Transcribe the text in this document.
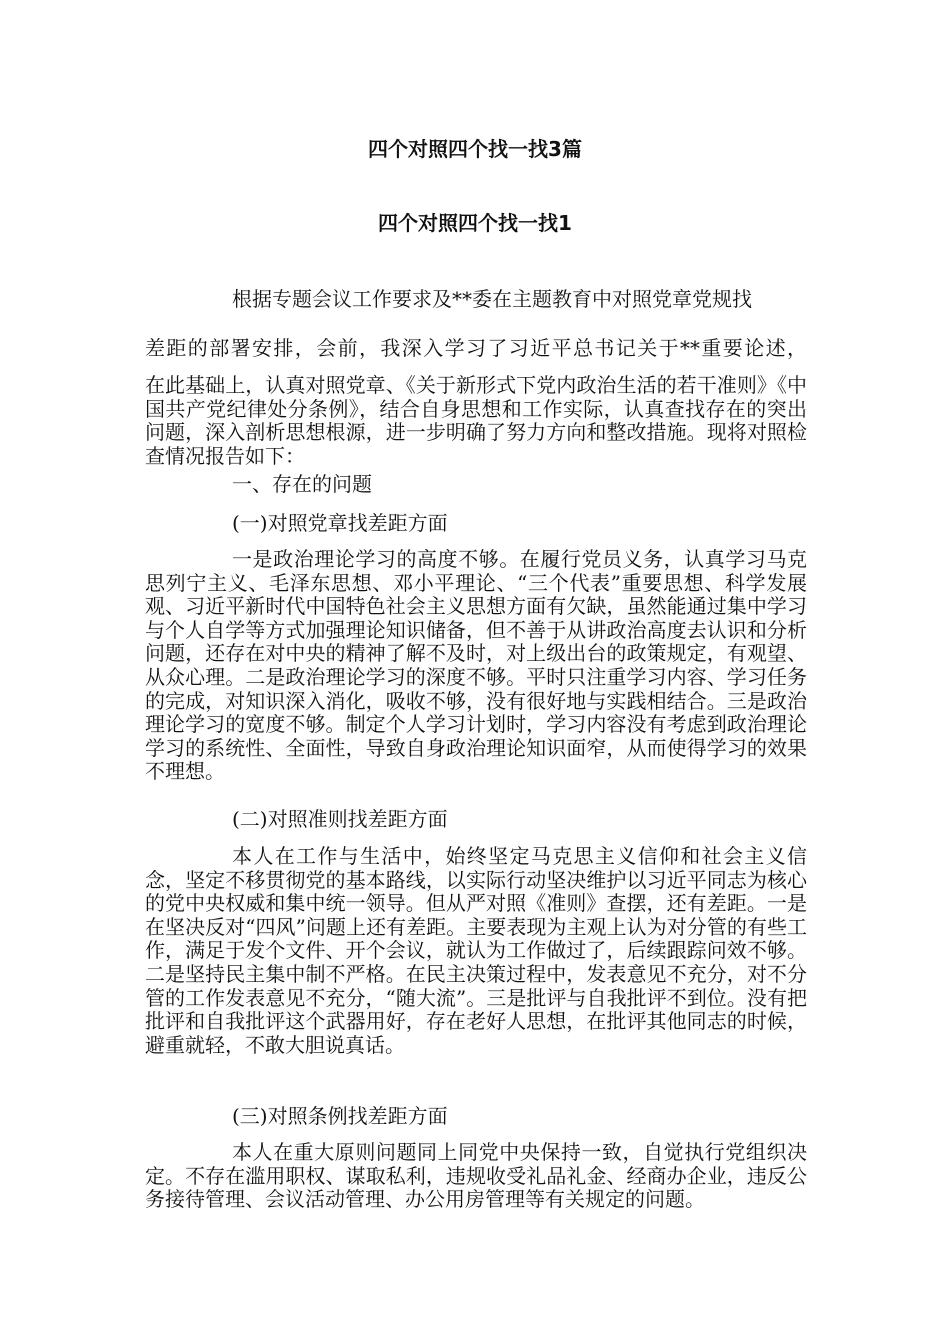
四个对照四个找一找3篇
四个对照四个找一找1
根据专题会议工作要求及**委在主题教育中对照党章党规找
差距的部署安排，会前，我深入学习了习近平总书记关于**重要论述，
在此基础上，认真对照党章、《关于新形式下党内政治生活的若干准则》《中国共产党纪律处分条例》，结合自身思想和工作实际，认真查找存在的突出问题，深入剖析思想根源，进一步明确了努力方向和整改措施。现将对照检查情况报告如下：
一、存在的问题
(一)对照党章找差距方面
一是政治理论学习的高度不够。在履行党员义务，认真学习马克思列宁主义、毛泽东思想、邓小平理论、“三个代表”重要思想、科学发展观、习近平新时代中国特色社会主义思想方面有欠缺，虽然能通过集中学习与个人自学等方式加强理论知识储备，但不善于从讲政治高度去认识和分析问题，还存在对中央的精神了解不及时，对上级出台的政策规定，有观望、从众心理。二是政治理论学习的深度不够。平时只注重学习内容、学习任务的完成，对知识深入消化，吸收不够，没有很好地与实践相结合。三是政治理论学习的宽度不够。制定个人学习计划时，学习内容没有考虑到政治理论学习的系统性、全面性，导致自身政治理论知识面窄，从而使得学习的效果不理想。
(二)对照准则找差距方面
本人在工作与生活中，始终坚定马克思主义信仰和社会主义信念，坚定不移贯彻党的基本路线，以实际行动坚决维护以习近平同志为核心的党中央权威和集中统一领导。但从严对照《准则》查摆，还有差距。一是在坚决反对“四风”问题上还有差距。主要表现为主观上认为对分管的有些工作，满足于发个文件、开个会议，就认为工作做过了，后续跟踪问效不够。二是坚持民主集中制不严格。在民主决策过程中，发表意见不充分，对不分管的工作发表意见不充分，“随大流”。三是批评与自我批评不到位。没有把批评和自我批评这个武器用好，存在老好人思想，在批评其他同志的时候，避重就轻，不敢大胆说真话。
(三)对照条例找差距方面
本人在重大原则问题同上同党中央保持一致，自觉执行党组织决定。不存在滥用职权、谋取私利，违规收受礼品礼金、经商办企业，违反公务接待管理、会议活动管理、办公用房管理等有关规定的问题。
